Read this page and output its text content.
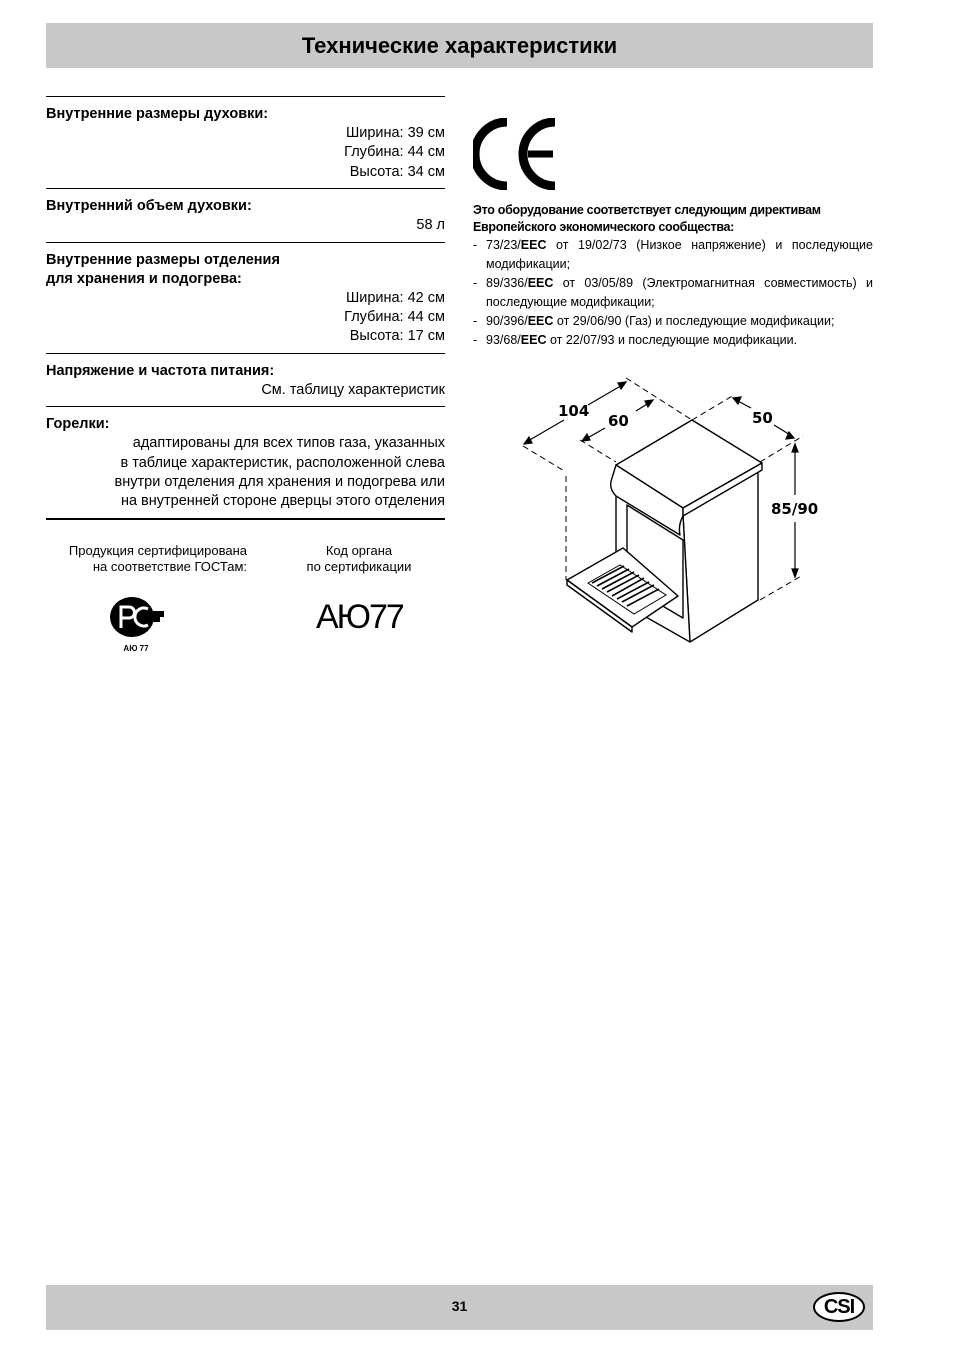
Технические характеристики
Внутренние размеры духовки:
Ширина: 39 см
Глубина: 44 см
Высота: 34 см
Внутренний объем духовки:
58 л
Внутренние размеры отделения
для хранения и подогрева:
Ширина: 42 см
Глубина: 44 см
Высота: 17 см
Напряжение и частота питания:
См. таблицу характеристик
Горелки:
адаптированы для всех типов газа, указанных
в таблице характеристик, расположенной слева
внутри отделения для хранения и подогрева или
на внутренней стороне дверцы этого отделения
Это оборудование соответствует следующим директивам
Европейского экономического сообщества:
- 73/23/EEC от 19/02/73 (Низкое напряжение) и последующие модификации;
- 89/336/EEC от 03/05/89 (Электромагнитная совместимость) и последующие модификации;
- 90/396/EEC от 29/06/90 (Газ) и последующие модификации;
- 93/68/EEC от 22/07/93 и последующие модификации.
104
60	50
85/90
Продукция сертифицирована
на соответствие ГОСТам:
Код органа
по сертификации
АЮ 77
АЮ77
31	CSI
